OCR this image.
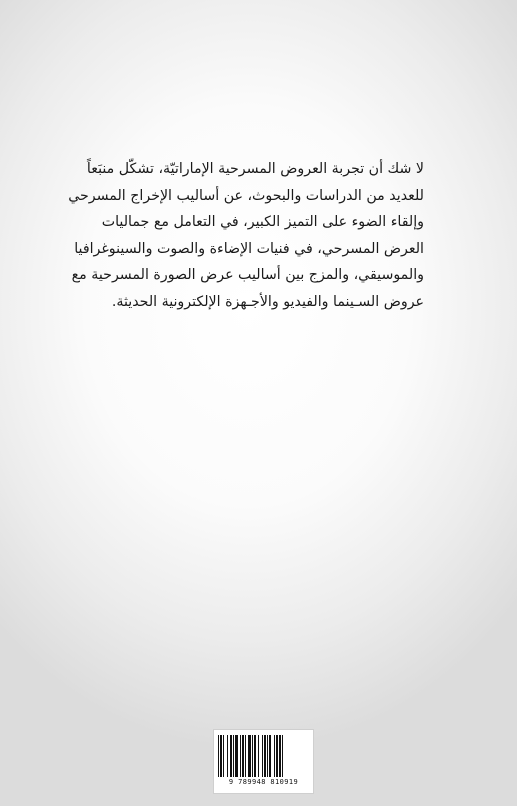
لا شك أن تجربة العروض المسرحية الإماراتيّة، تشكّل منبَعاً
للعديد من الدراسات والبحوث، عن أساليب الإخراج المسرحي
وإلقاء الضوء على التميز الكبير، في التعامل مع جماليات
العرض المسرحي، في فنيات الإضاءة والصوت والسينوغرافيا
والموسيقي، والمزج بين أساليب عرض الصورة المسرحية مع
عروض السـينما والفيديو والأجـهزة الإلكترونية الحديثة.
9 789948 810919
